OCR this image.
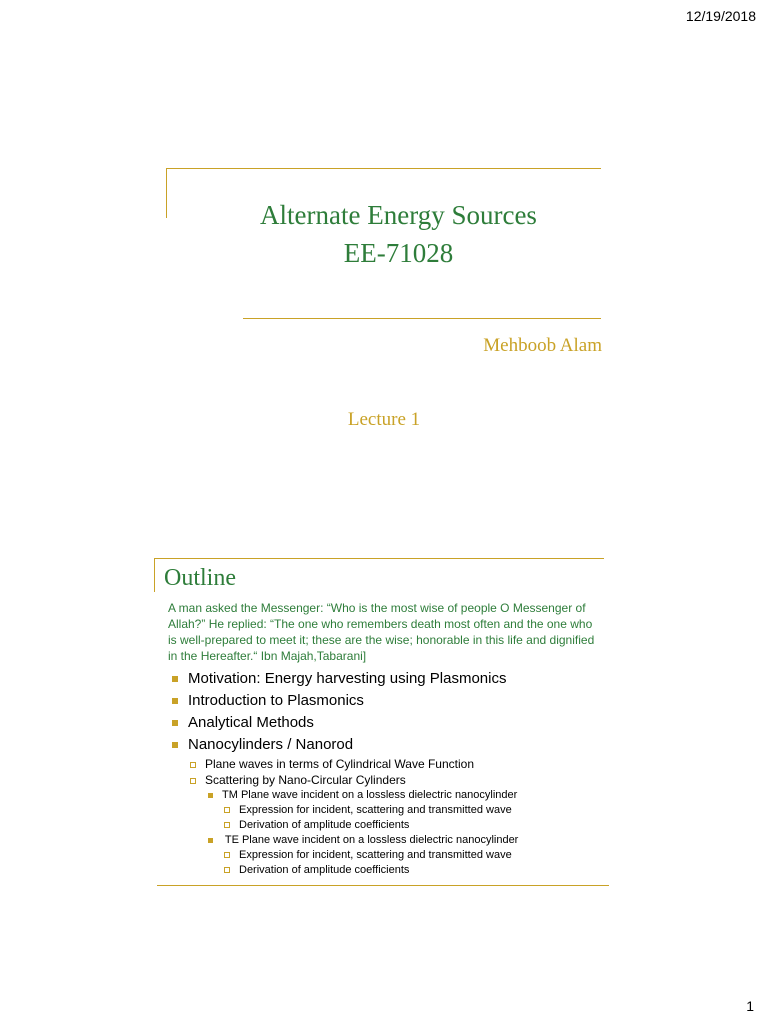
12/19/2018
Alternate Energy Sources
EE-71028
Mehboob Alam
Lecture 1
Outline

A man asked the Messenger: “Who is the most wise of people O Messenger of Allah?” He replied: “The one who remembers death most often and the one who is well-prepared to meet it; these are the wise; honorable in this life and dignified in the Hereafter.“ Ibn Majah,Tabarani]

Motivation: Energy harvesting using Plasmonics
Introduction to Plasmonics
Analytical Methods
Nanocylinders / Nanorod
Plane waves in terms of Cylindrical Wave Function
Scattering by Nano-Circular Cylinders
TM Plane wave incident on a lossless dielectric nanocylinder
Expression for incident, scattering and transmitted wave
Derivation of amplitude coefficients
TE Plane wave incident on a lossless dielectric nanocylinder
Expression for incident, scattering and transmitted wave
Derivation of amplitude coefficients
1
